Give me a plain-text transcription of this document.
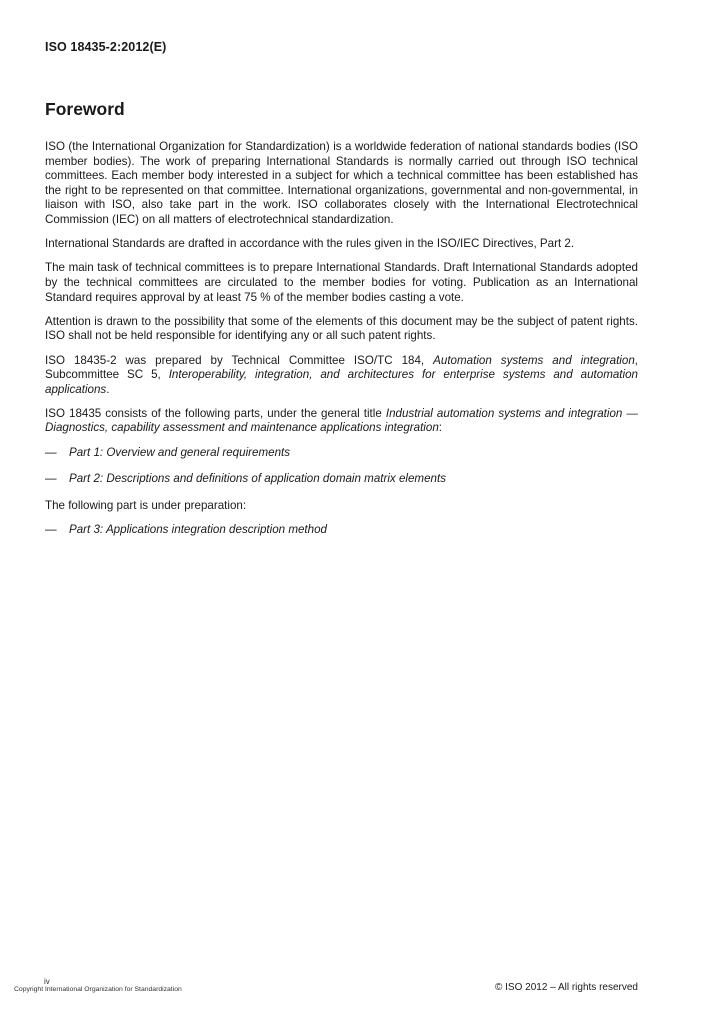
ISO 18435-2:2012(E)
Foreword

ISO (the International Organization for Standardization) is a worldwide federation of national standards bodies (ISO member bodies). The work of preparing International Standards is normally carried out through ISO technical committees. Each member body interested in a subject for which a technical committee has been established has the right to be represented on that committee. International organizations, governmental and non-governmental, in liaison with ISO, also take part in the work. ISO collaborates closely with the International Electrotechnical Commission (IEC) on all matters of electrotechnical standardization.

International Standards are drafted in accordance with the rules given in the ISO/IEC Directives, Part 2.

The main task of technical committees is to prepare International Standards. Draft International Standards adopted by the technical committees are circulated to the member bodies for voting. Publication as an International Standard requires approval by at least 75 % of the member bodies casting a vote.

Attention is drawn to the possibility that some of the elements of this document may be the subject of patent rights. ISO shall not be held responsible for identifying any or all such patent rights.

ISO 18435-2 was prepared by Technical Committee ISO/TC 184, Automation systems and integration, Subcommittee SC 5, Interoperability, integration, and architectures for enterprise systems and automation applications.

ISO 18435 consists of the following parts, under the general title Industrial automation systems and integration — Diagnostics, capability assessment and maintenance applications integration:

—	Part 1: Overview and general requirements
—	Part 2: Descriptions and definitions of application domain matrix elements

The following part is under preparation:

—	Part 3: Applications integration description method
iv
Copyright International Organization for Standardization	© ISO 2012 – All rights reserved
